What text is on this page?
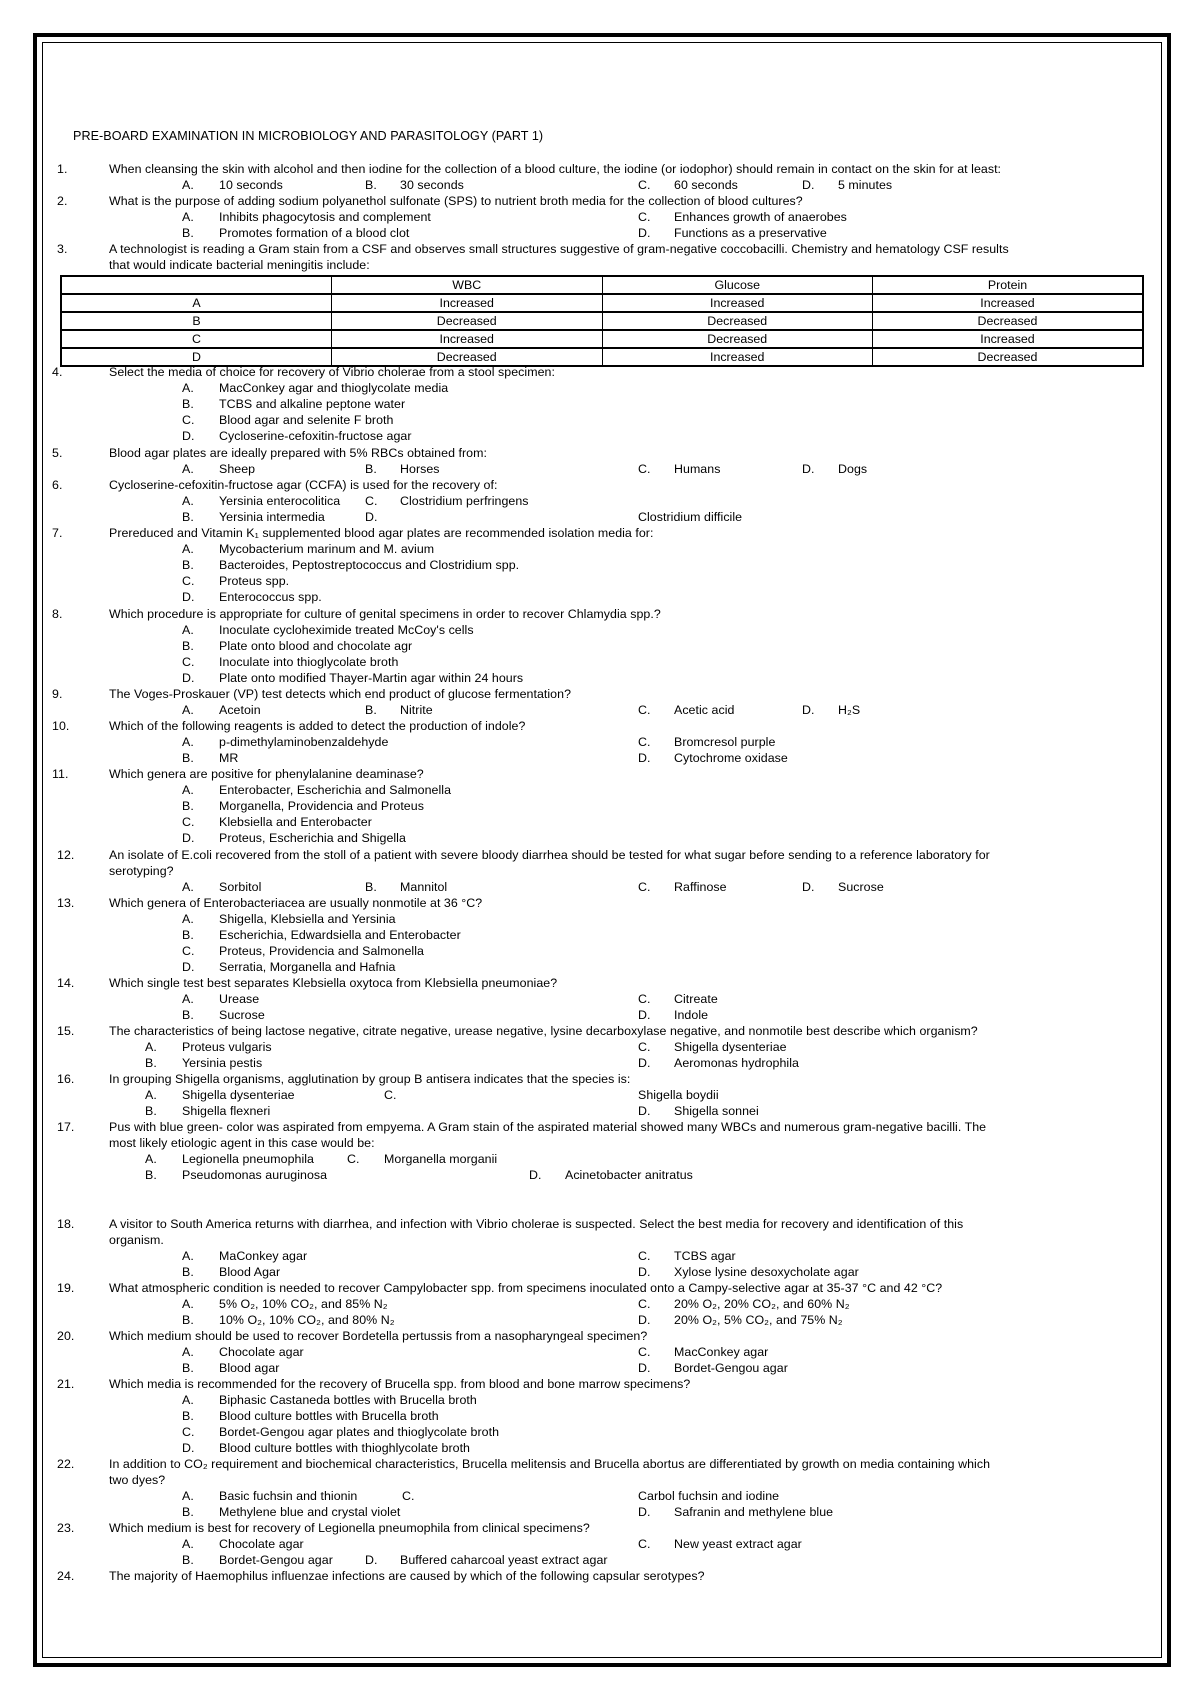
PRE-BOARD EXAMINATION IN MICROBIOLOGY AND PARASITOLOGY (PART 1)
1.	When cleansing the skin with alcohol and then iodine for the collection of a blood culture, the iodine (or iodophor) should remain in contact on the skin for at least:
A. 10 seconds	B. 30 seconds	C. 60 seconds	D. 5 minutes
2.	What is the purpose of adding sodium polyanethol sulfonate (SPS) to nutrient broth media for the collection of blood cultures?
A. Inhibits phagocytosis and complement	C. Enhances growth of anaerobes
B. Promotes formation of a blood clot	D. Functions as a preservative
3.	A technologist is reading a Gram stain from a CSF and observes small structures suggestive of gram-negative coccobacilli. Chemistry and hematology CSF results
that would indicate bacterial meningitis include:
	WBC	Glucose	Protein
A	Increased	Increased	Increased
B	Decreased	Decreased	Decreased
C	Increased	Decreased	Increased
D	Decreased	Increased	Decreased
4.	Select the media of choice for recovery of Vibrio cholerae from a stool specimen:
A. MacConkey agar and thioglycolate media
B. TCBS and alkaline peptone water
C. Blood agar and selenite F broth
D. Cycloserine-cefoxitin-fructose agar
5.	Blood agar plates are ideally prepared with 5% RBCs obtained from:
A. Sheep	B. Horses	C. Humans	D. Dogs
6.	Cycloserine-cefoxitin-fructose agar (CCFA) is used for the recovery of:
A. Yersinia enterocolitica C. Clostridium perfringens
B. Yersinia intermedia	D.	Clostridium difficile
7.	Prereduced and Vitamin K₁ supplemented blood agar plates are recommended isolation media for:
A. Mycobacterium marinum and M. avium
B. Bacteroides, Peptostreptococcus and Clostridium spp.
C. Proteus spp.
D. Enterococcus spp.
8.	Which procedure is appropriate for culture of genital specimens in order to recover Chlamydia spp.?
A. Inoculate cycloheximide treated McCoy's cells
B. Plate onto blood and chocolate agr
C. Inoculate into thioglycolate broth
D. Plate onto modified Thayer-Martin agar within 24 hours
9.	The Voges-Proskauer (VP) test detects which end product of glucose fermentation?
A. Acetoin	B. Nitrite	C. Acetic acid	D. H₂S
10.	Which of the following reagents is added to detect the production of indole?
A. p-dimethylaminobenzaldehyde	C. Bromcresol purple
B. MR	D. Cytochrome oxidase
11.	Which genera are positive for phenylalanine deaminase?
A. Enterobacter, Escherichia and Salmonella
B. Morganella, Providencia and Proteus
C. Klebsiella and Enterobacter
D. Proteus, Escherichia and Shigella
12.	An isolate of E.coli recovered from the stoll of a patient with severe bloody diarrhea should be tested for what sugar before sending to a reference laboratory for
serotyping?
A. Sorbitol	B. Mannitol	C. Raffinose	D. Sucrose
13.	Which genera of Enterobacteriacea are usually nonmotile at 36 °C?
A. Shigella, Klebsiella and Yersinia
B. Escherichia, Edwardsiella and Enterobacter
C. Proteus, Providencia and Salmonella
D. Serratia, Morganella and Hafnia
14.	Which single test best separates Klebsiella oxytoca from Klebsiella pneumoniae?
A. Urease	C. Citreate
B. Sucrose	D. Indole
15.	The characteristics of being lactose negative, citrate negative, urease negative, lysine decarboxylase negative, and nonmotile best describe which organism?
A. Proteus vulgaris	C. Shigella dysenteriae
B. Yersinia pestis	D. Aeromonas hydrophila
16.	In grouping Shigella organisms, agglutination by group B antisera indicates that the species is:
A. Shigella dysenteriae	C.	Shigella boydii
B. Shigella flexneri	D. Shigella sonnei
17.	Pus with blue green- color was aspirated from empyema. A Gram stain of the aspirated material showed many WBCs and numerous gram-negative bacilli. The
most likely etiologic agent in this case would be:
A. Legionella pneumophila	C. Morganella morganii
B. Pseudomonas auruginosa	D. Acinetobacter anitratus
18.	A visitor to South America returns with diarrhea, and infection with Vibrio cholerae is suspected. Select the best media for recovery and identification of this
organism.
A. MaConkey agar	C. TCBS agar
B. Blood Agar	D. Xylose lysine desoxycholate agar
19.	What atmospheric condition is needed to recover Campylobacter spp. from specimens inoculated onto a Campy-selective agar at 35-37 °C and 42 °C?
A. 5% O₂, 10% CO₂, and 85% N₂	C. 20% O₂, 20% CO₂, and 60% N₂
B. 10% O₂, 10% CO₂, and 80% N₂	D. 20% O₂, 5% CO₂, and 75% N₂
20.	Which medium should be used to recover Bordetella pertussis from a nasopharyngeal specimen?
A. Chocolate agar	C. MacConkey agar
B. Blood agar	D. Bordet-Gengou agar
21.	Which media is recommended for the recovery of Brucella spp. from blood and bone marrow specimens?
A. Biphasic Castaneda bottles with Brucella broth
B. Blood culture bottles with Brucella broth
C. Bordet-Gengou agar plates and thioglycolate broth
D. Blood culture bottles with thioghlycolate broth
22.	In addition to CO₂ requirement and biochemical characteristics, Brucella melitensis and Brucella abortus are differentiated by growth on media containing which
two dyes?
A. Basic fuchsin and thionin	C.	Carbol fuchsin and iodine
B. Methylene blue and crystal violet	D. Safranin and methylene blue
23.	Which medium is best for recovery of Legionella pneumophila from clinical specimens?
A. Chocolate agar	C. New yeast extract agar
B. Bordet-Gengou agar	D. Buffered caharcoal yeast extract agar
24.	The majority of Haemophilus influenzae infections are caused by which of the following capsular serotypes?
